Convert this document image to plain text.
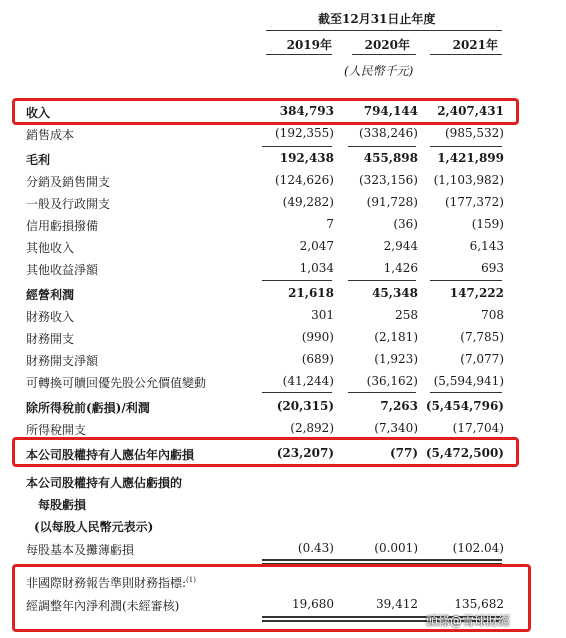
截至12月31日止年度
2019年	2020年	2021年
(人民幣千元)
收入	384,793	794,144	2,407,431
銷售成本	(192,355)	(338,246)	(985,532)
毛利	192,438	455,898	1,421,899
分銷及銷售開支	(124,626)	(323,156)	(1,103,982)
一般及行政開支	(49,282)	(91,728)	(177,372)
信用虧損撥備	7	(36)	(159)
其他收入	2,047	2,944	6,143
其他收益淨額	1,034	1,426	693
經營利潤	21,618	45,348	147,222
財務收入	301	258	708
財務開支	(990)	(2,181)	(7,785)
財務開支淨額	(689)	(1,923)	(7,077)
可轉換可贖回優先股公允價值變動	(41,244)	(36,162)	(5,594,941)
除所得稅前(虧損)/利潤	(20,315)	7,263 (5,454,796)
所得稅開支	(2,892)	(7,340)	(17,704)
本公司股權持有人應佔年內虧損	(23,207)	(77) (5,472,500)
本公司股權持有人應佔虧損的
每股虧損
(以每股人民幣元表示)
每股基本及攤薄虧損	(0.43)	(0.001)	(102.04)
非國際財務報告準則財務指標:$^{(1)}$
經調整年內淨利潤(未經審核)	19,680	39,412	135,682
頭條@雪球財經
